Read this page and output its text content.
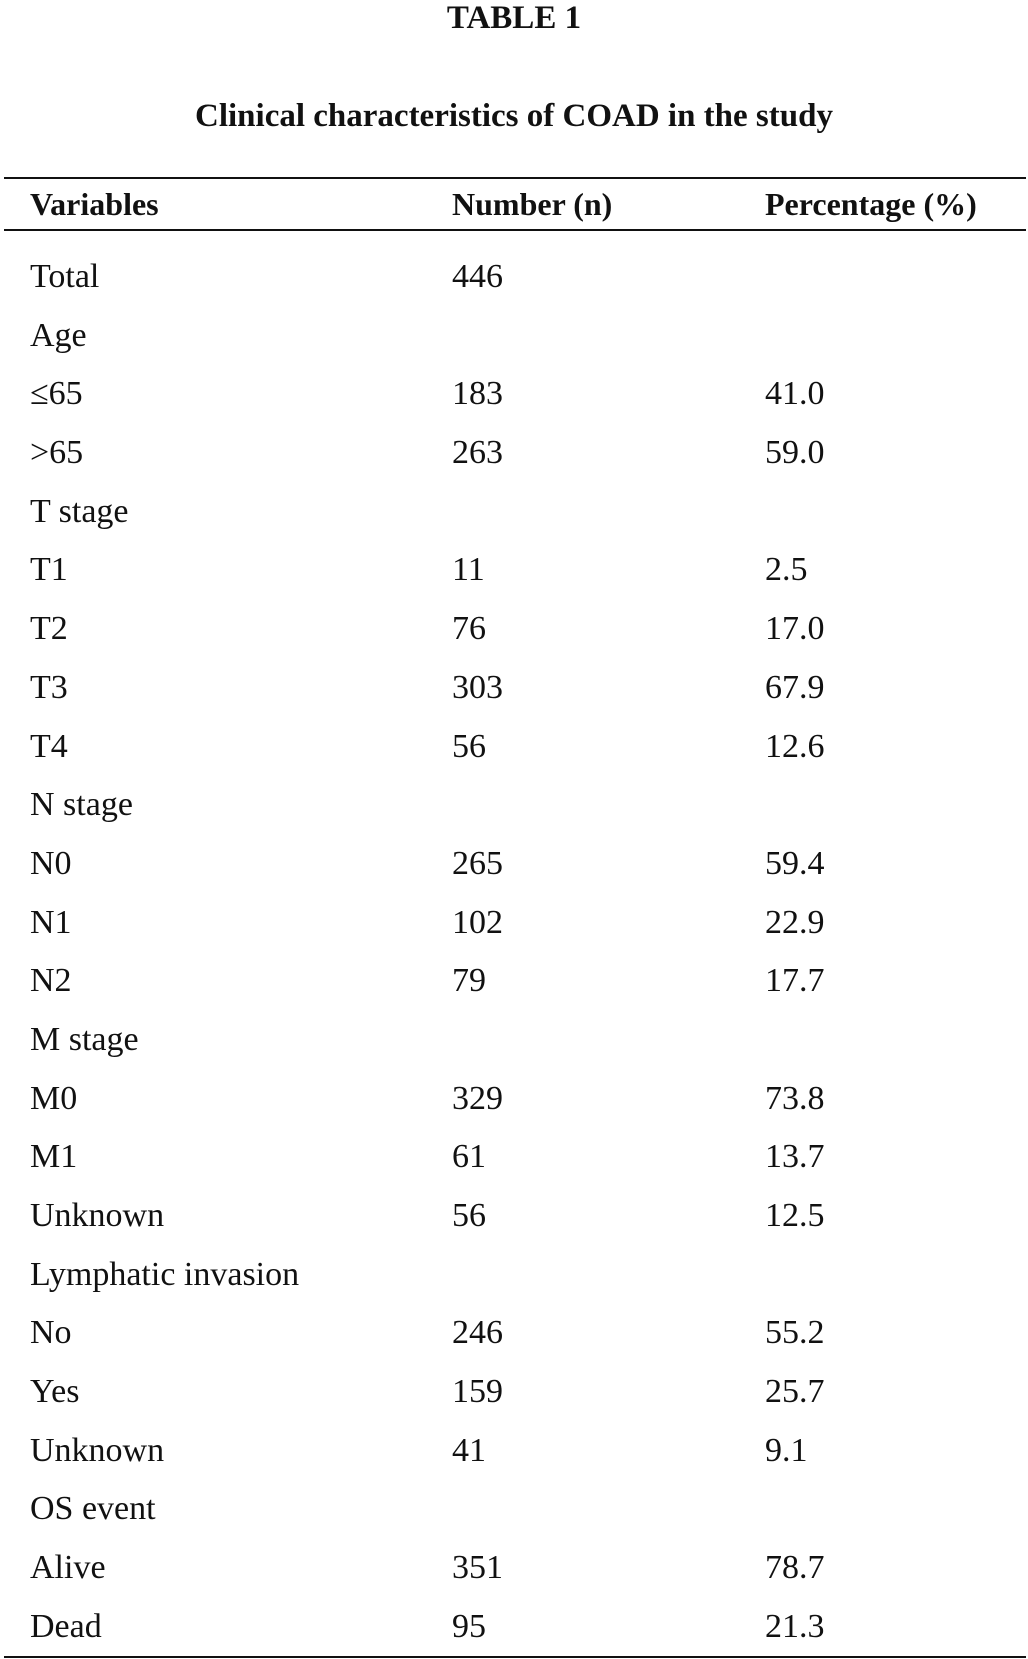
TABLE 1
Clinical characteristics of COAD in the study
Variables	Number (n)	Percentage (%)
Total	446
Age
≤65	183	41.0
>65	263	59.0
T stage
T1	11	2.5
T2	76	17.0
T3	303	67.9
T4	56	12.6
N stage
N0	265	59.4
N1	102	22.9
N2	79	17.7
M stage
M0	329	73.8
M1	61	13.7
Unknown	56	12.5
Lymphatic invasion
No	246	55.2
Yes	159	25.7
Unknown	41	9.1
OS event
Alive	351	78.7
Dead	95	21.3
